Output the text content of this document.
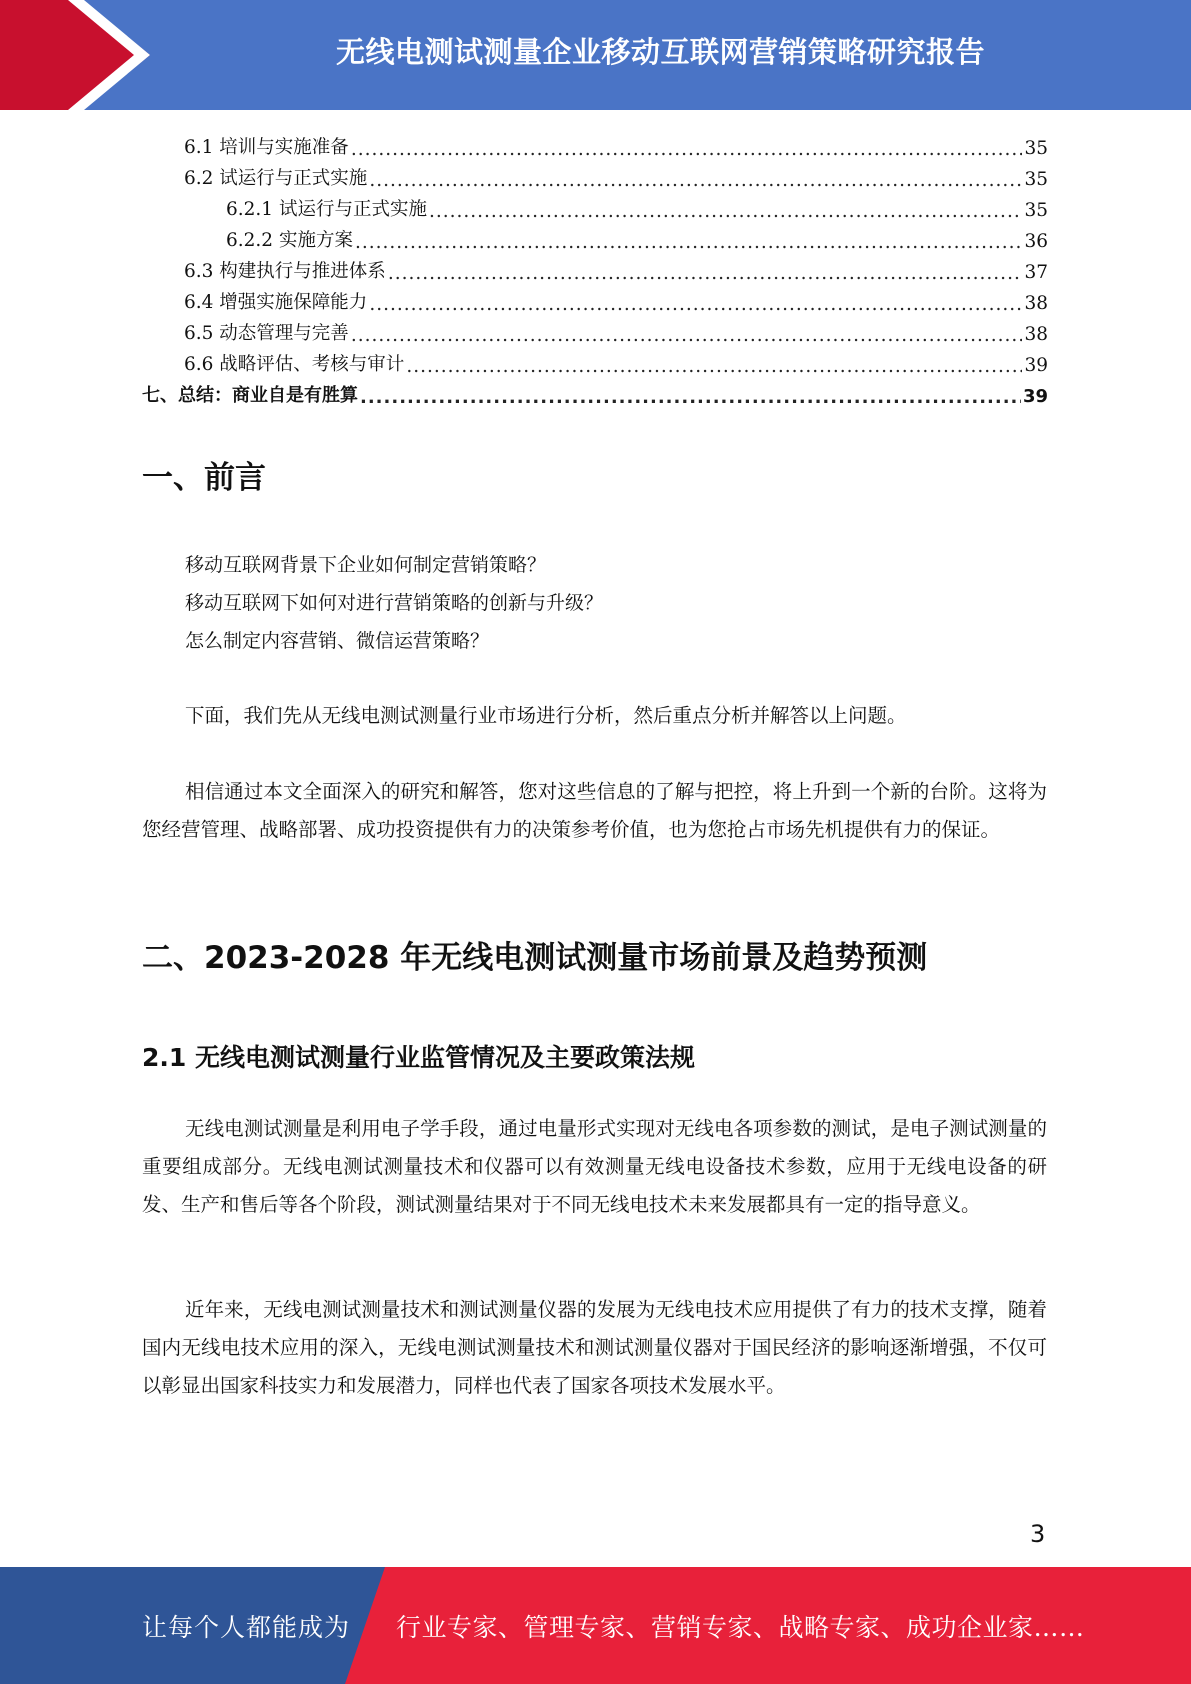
无线电测试测量企业移动互联网营销策略研究报告
6.1 培训与实施准备 .....	35
6.2 试运行与正式实施 .....	35
6.2.1 试运行与正式实施 .....	35
6.2.2 实施方案 .....	36
6.3 构建执行与推进体系 .....	37
6.4 增强实施保障能力 .....	38
6.5 动态管理与完善 .....	38
6.6 战略评估、考核与审计 .....	39
七、总结：商业自是有胜算 .....	39
一、前言
移动互联网背景下企业如何制定营销策略？
移动互联网下如何对进行营销策略的创新与升级？
怎么制定内容营销、微信运营策略？

下面，我们先从无线电测试测量行业市场进行分析，然后重点分析并解答以上问题。

相信通过本文全面深入的研究和解答，您对这些信息的了解与把控，将上升到一个新的台阶。这将为您经营管理、战略部署、成功投资提供有力的决策参考价值，也为您抢占市场先机提供有力的保证。

二、2023-2028 年无线电测试测量市场前景及趋势预测
2.1 无线电测试测量行业监管情况及主要政策法规

无线电测试测量是利用电子学手段，通过电量形式实现对无线电各项参数的测试，是电子测试测量的重要组成部分。无线电测试测量技术和仪器可以有效测量无线电设备技术参数，应用于无线电设备的研发、生产和售后等各个阶段，测试测量结果对于不同无线电技术未来发展都具有一定的指导意义。

近年来，无线电测试测量技术和测试测量仪器的发展为无线电技术应用提供了有力的技术支撑，随着国内无线电技术应用的深入，无线电测试测量技术和测试测量仪器对于国民经济的影响逐渐增强，不仅可以彰显出国家科技实力和发展潜力，同样也代表了国家各项技术发展水平。

3
让每个人都能成为 行业专家、管理专家、营销专家、战略专家、成功企业家……
